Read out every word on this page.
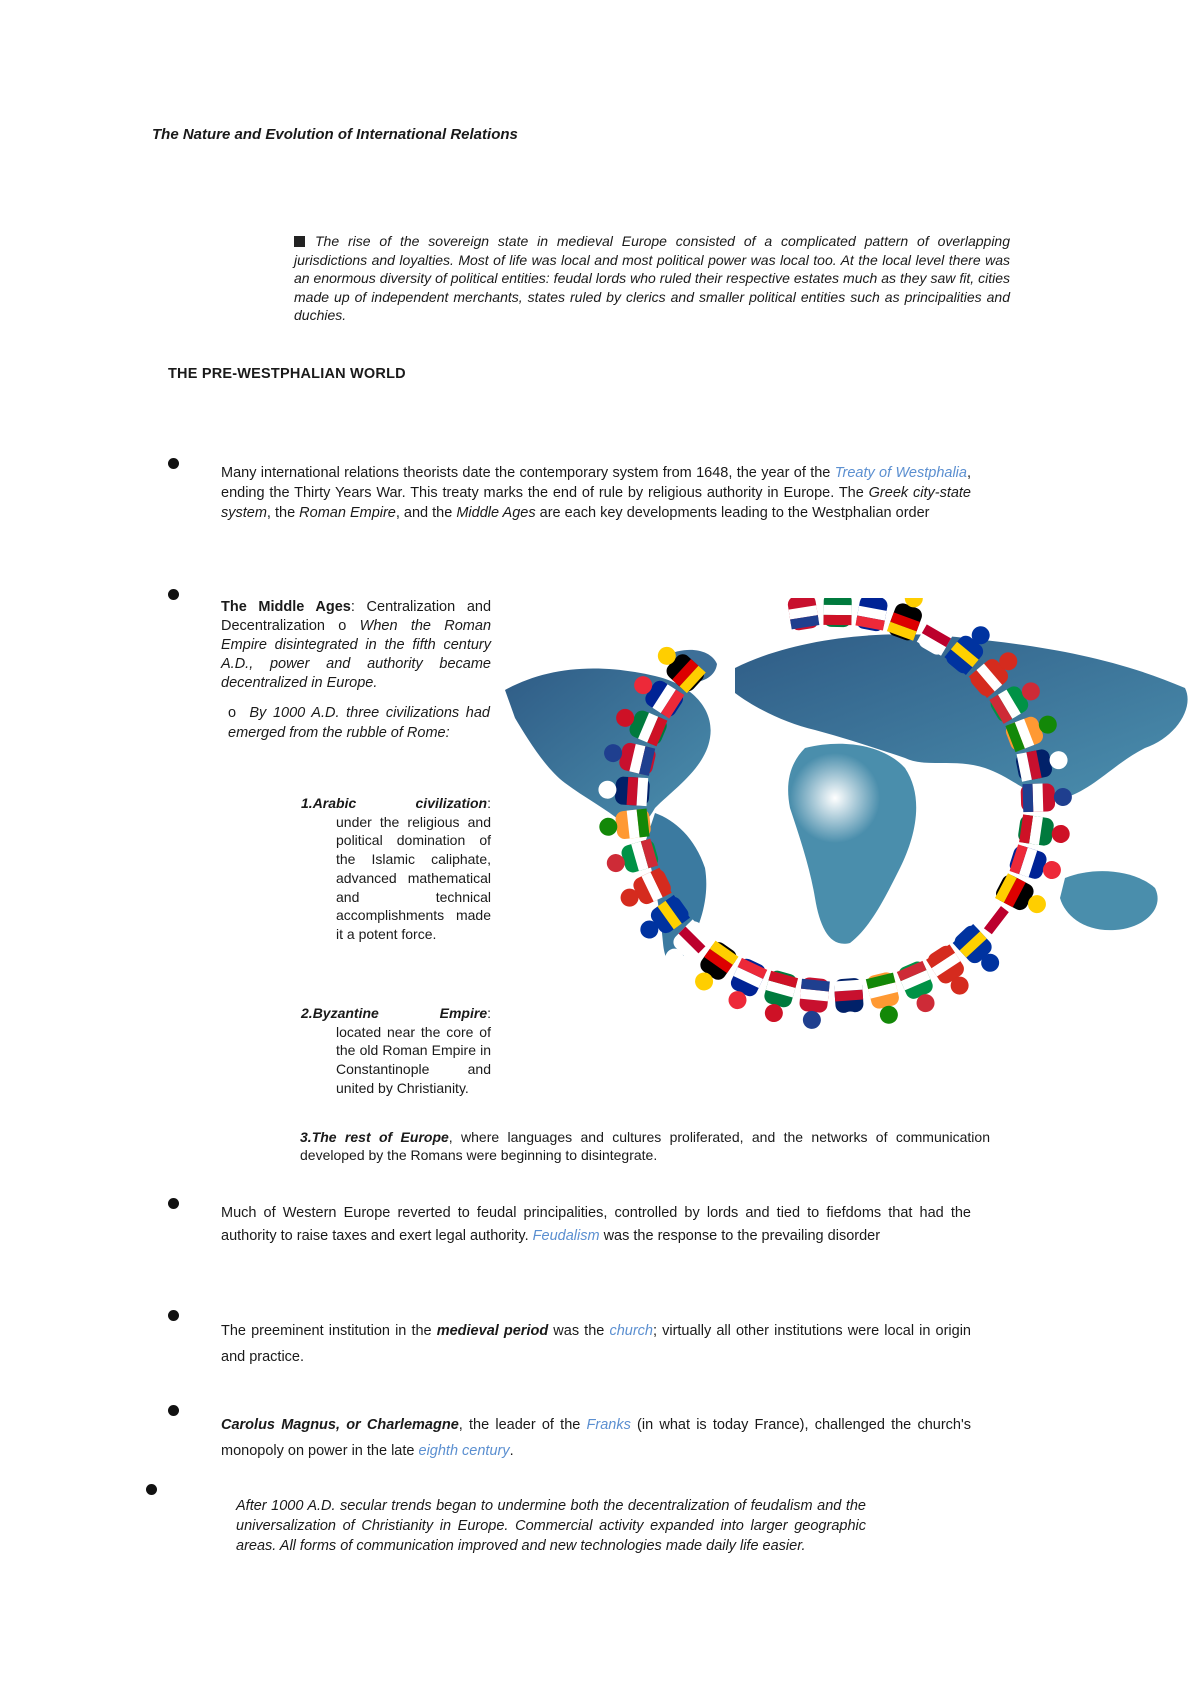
The Nature and Evolution of International Relations
The rise of the sovereign state in medieval Europe consisted of a complicated pattern of overlapping jurisdictions and loyalties. Most of life was local and most political power was local too. At the local level there was an enormous diversity of political entities: feudal lords who ruled their respective estates much as they saw fit, cities made up of independent merchants, states ruled by clerics and smaller political entities such as principalities and duchies.
THE PRE-WESTPHALIAN WORLD
Many international relations theorists date the contemporary system from 1648, the year of the Treaty of Westphalia, ending the Thirty Years War. This treaty marks the end of rule by religious authority in Europe. The Greek city-state system, the Roman Empire, and the Middle Ages are each key developments leading to the Westphalian order
The Middle Ages: Centralization and Decentralization o When the Roman Empire disintegrated in the fifth century A.D., power and authority became decentralized in Europe.
o By 1000 A.D. three civilizations had emerged from the rubble of Rome:
1.Arabic civilization:
under the religious and political domination of the Islamic caliphate, advanced mathematical and technical accomplishments made it a potent force.
2.Byzantine Empire:
located near the core of the old Roman Empire in Constantinople and united by Christianity.
3.The rest of Europe, where languages and cultures proliferated, and the networks of communication developed by the Romans were beginning to disintegrate.
Much of Western Europe reverted to feudal principalities, controlled by lords and tied to fiefdoms that had the authority to raise taxes and exert legal authority. Feudalism was the response to the prevailing disorder
The preeminent institution in the medieval period was the church; virtually all other institutions were local in origin and practice.
Carolus Magnus, or Charlemagne, the leader of the Franks (in what is today France), challenged the church's monopoly on power in the late eighth century.
After 1000 A.D. secular trends began to undermine both the decentralization of feudalism and the universalization of Christianity in Europe. Commercial activity expanded into larger geographic areas. All forms of communication improved and new technologies made daily life easier.
